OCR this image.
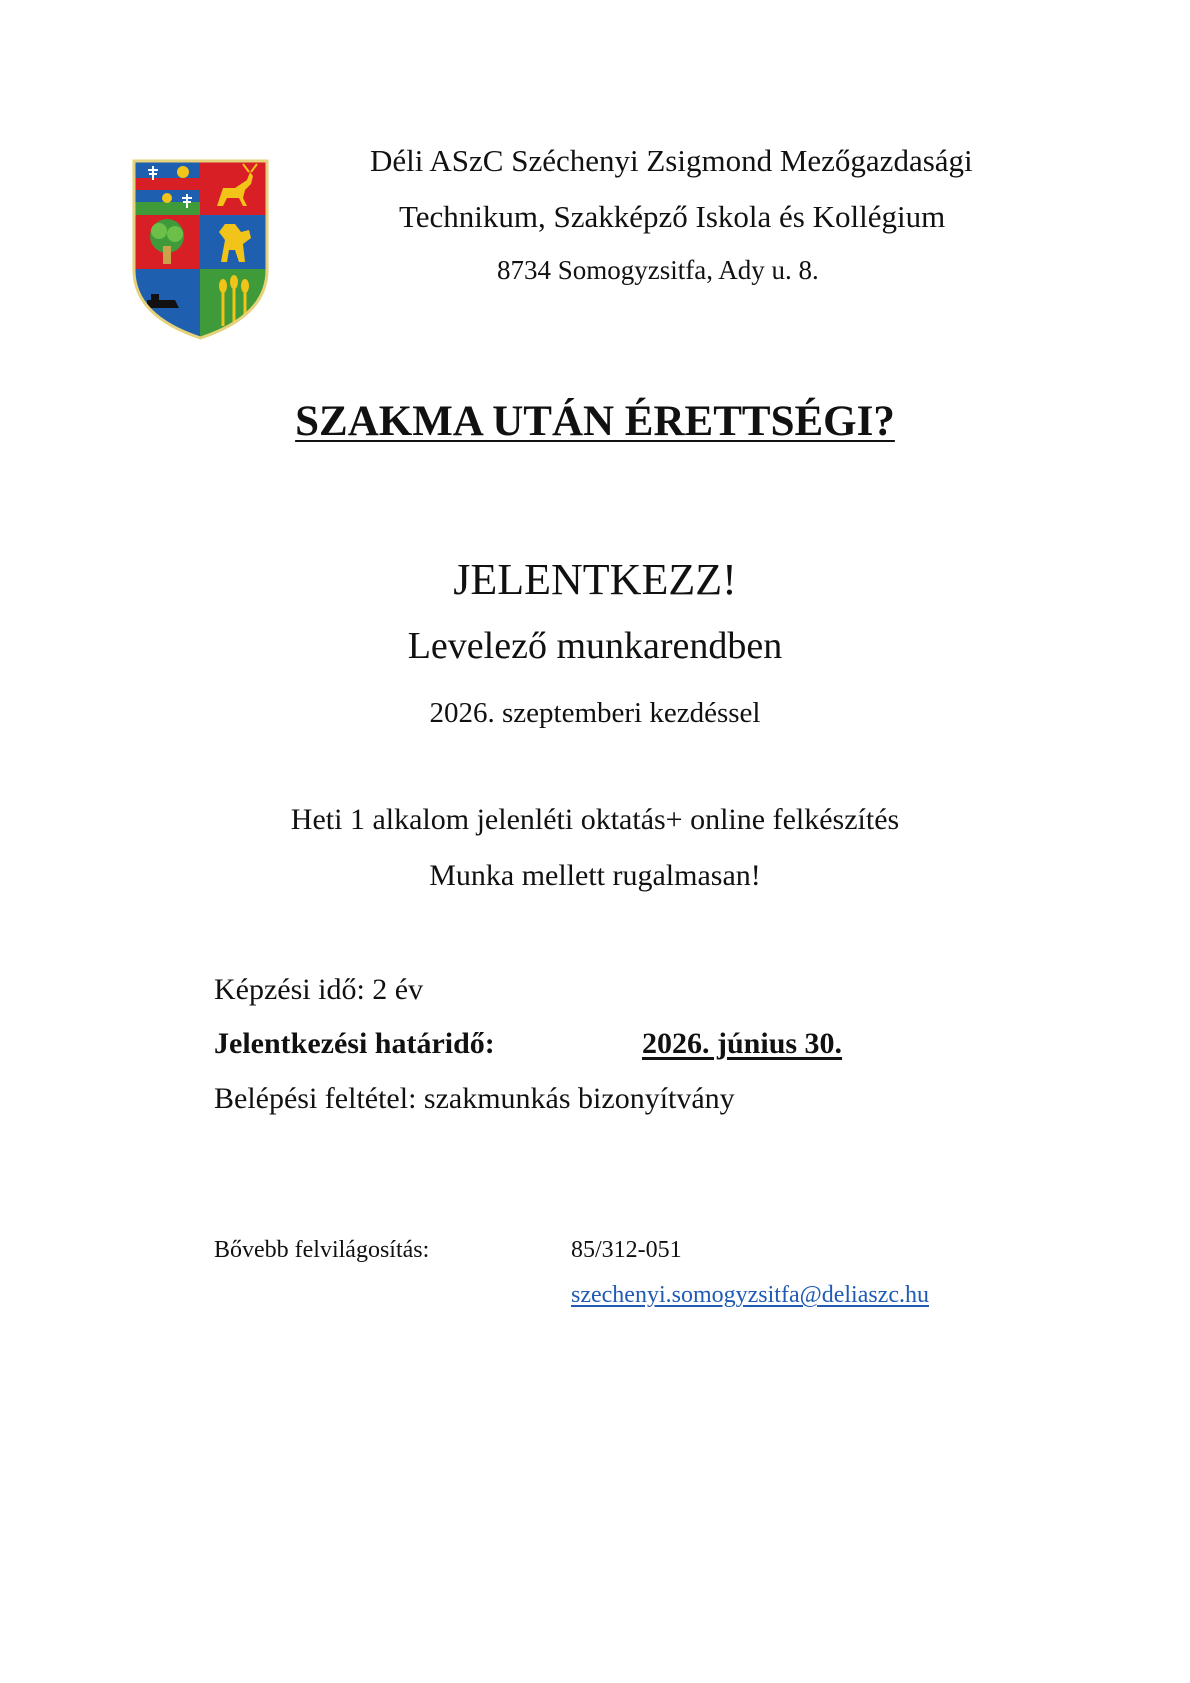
Déli ASzC Széchenyi Zsigmond Mezőgazdasági
Technikum, Szakképző Iskola és Kollégium
8734 Somogyzsitfa, Ady u. 8.
SZAKMA UTÁN ÉRETTSÉGI?
JELENTKEZZ!
Levelező munkarendben
2026. szeptemberi kezdéssel
Heti 1 alkalom jelenléti oktatás+ online felkészítés
Munka mellett rugalmasan!
Képzési idő: 2 év
Jelentkezési határidő:	2026. június 30.
Belépési feltétel: szakmunkás bizonyítvány
Bővebb felvilágosítás:	85/312-051
szechenyi.somogyzsitfa@deliaszc.hu
